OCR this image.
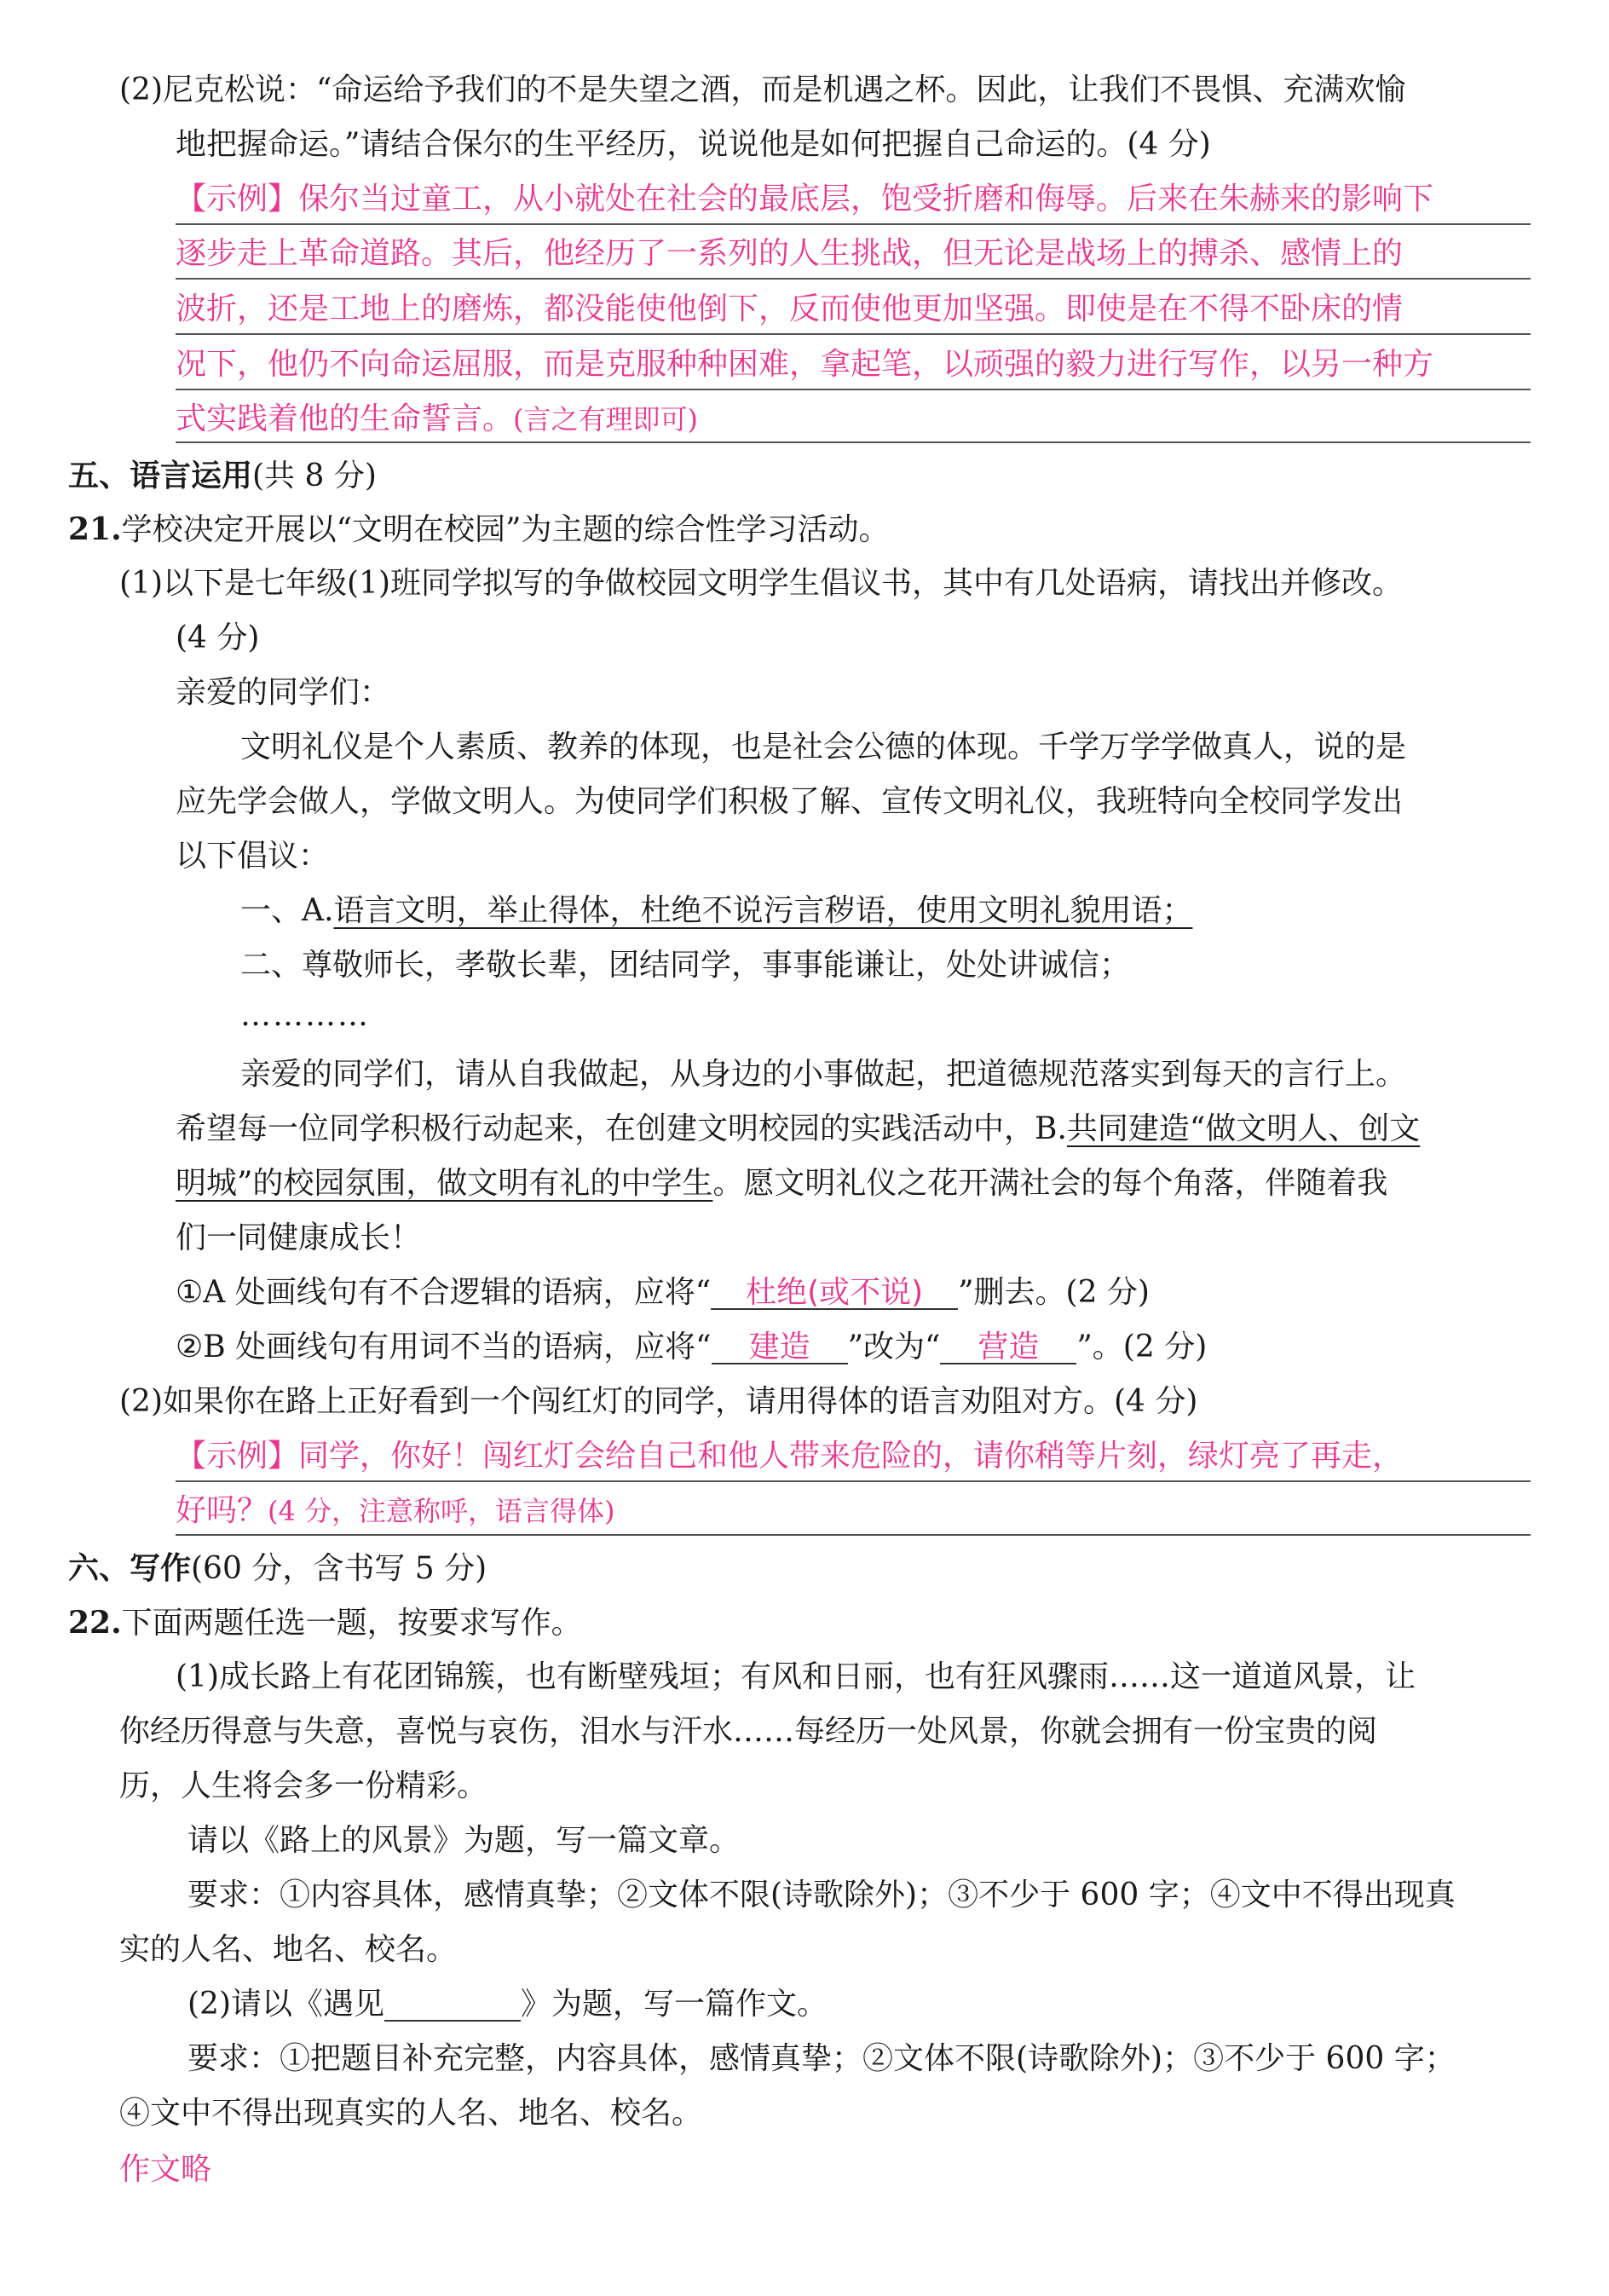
(2)尼克松说：“命运给予我们的不是失望之酒，而是机遇之杯。因此，让我们不畏惧、充满欢愉
地把握命运。”请结合保尔的生平经历，说说他是如何把握自己命运的。(4 分)
【示例】保尔当过童工，从小就处在社会的最底层，饱受折磨和侮辱。后来在朱赫来的影响下
逐步走上革命道路。其后，他经历了一系列的人生挑战，但无论是战场上的搏杀、感情上的
波折，还是工地上的磨炼，都没能使他倒下，反而使他更加坚强。即使是在不得不卧床的情
况下，他仍不向命运屈服，而是克服种种困难，拿起笔，以顽强的毅力进行写作，以另一种方
式实践着他的生命誓言。(言之有理即可)
五、语言运用(共 8 分)
21.学校决定开展以“文明在校园”为主题的综合性学习活动。
(1)以下是七年级(1)班同学拟写的争做校园文明学生倡议书，其中有几处语病，请找出并修改。
(4 分)
亲爱的同学们：
文明礼仪是个人素质、教养的体现，也是社会公德的体现。千学万学学做真人，说的是
应先学会做人，学做文明人。为使同学们积极了解、宣传文明礼仪，我班特向全校同学发出
以下倡议：
一、A.语言文明，举止得体，杜绝不说污言秽语，使用文明礼貌用语；
二、尊敬师长，孝敬长辈，团结同学，事事能谦让，处处讲诚信；
…………
亲爱的同学们，请从自我做起，从身边的小事做起，把道德规范落实到每天的言行上。
希望每一位同学积极行动起来，在创建文明校园的实践活动中，B.共同建造“做文明人、创文
明城”的校园氛围，做文明有礼的中学生。愿文明礼仪之花开满社会的每个角落，伴随着我
们一同健康成长！
①A 处画线句有不合逻辑的语病，应将“ 杜绝(或不说) ”删去。(2 分)
②B 处画线句有用词不当的语病，应将“ 建造 ”改为“ 营造 ”。(2 分)
(2)如果你在路上正好看到一个闯红灯的同学，请用得体的语言劝阻对方。(4 分)
【示例】同学，你好！闯红灯会给自己和他人带来危险的，请你稍等片刻，绿灯亮了再走，
好吗？(4 分，注意称呼，语言得体)
六、写作(60 分，含书写 5 分)
22.下面两题任选一题，按要求写作。
(1)成长路上有花团锦簇，也有断壁残垣；有风和日丽，也有狂风骤雨……这一道道风景，让
你经历得意与失意，喜悦与哀伤，泪水与汗水……每经历一处风景，你就会拥有一份宝贵的阅
历，人生将会多一份精彩。
请以《路上的风景》为题，写一篇文章。
要求：①内容具体，感情真挚；②文体不限(诗歌除外)；③不少于 600 字；④文中不得出现真
实的人名、地名、校名。
(2)请以《遇见	》为题，写一篇作文。
要求：①把题目补充完整，内容具体，感情真挚；②文体不限(诗歌除外)；③不少于 600 字；
④文中不得出现真实的人名、地名、校名。
作文略
